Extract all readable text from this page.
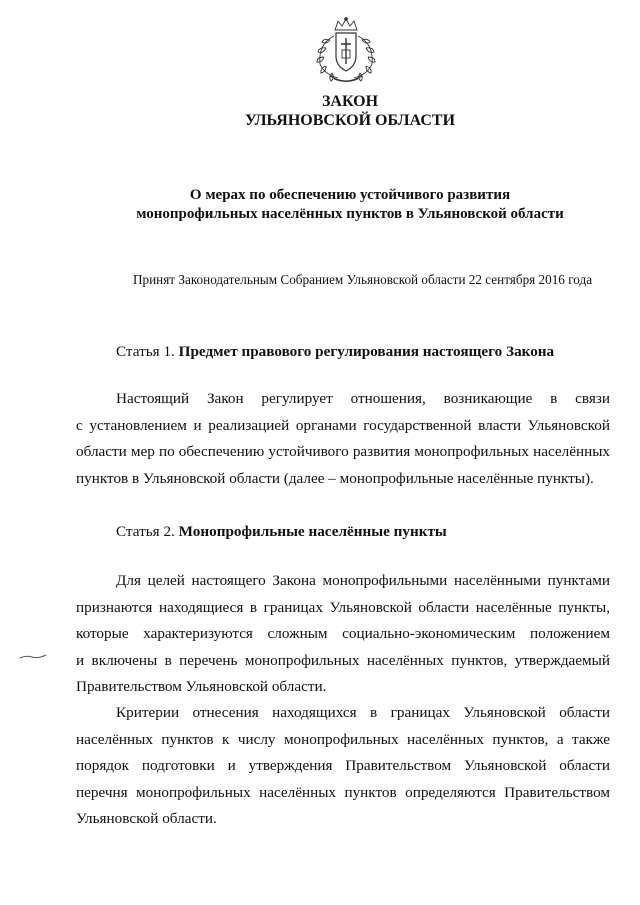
ЗАКОН
УЛЬЯНОВСКОЙ ОБЛАСТИ
О мерах по обеспечению устойчивого развития
монопрофильных населённых пунктов в Ульяновской области
Принят Законодательным Собранием Ульяновской области 22 сентября 2016 года
Статья 1. Предмет правового регулирования настоящего Закона
Настоящий Закон регулирует отношения, возникающие в связи
с установлением и реализацией органами государственной власти Ульяновской
области мер по обеспечению устойчивого развития монопрофильных населённых
пунктов в Ульяновской области (далее – монопрофильные населённые пункты).
Статья 2. Монопрофильные населённые пункты
Для целей настоящего Закона монопрофильными населёнными пунктами
признаются находящиеся в границах Ульяновской области населённые пункты,
которые характеризуются сложным социально-экономическим положением
и включены в перечень монопрофильных населённых пунктов, утверждаемый
Правительством Ульяновской области.
Критерии отнесения находящихся в границах Ульяновской области
населённых пунктов к числу монопрофильных населённых пунктов, а также
порядок подготовки и утверждения Правительством Ульяновской области
перечня монопрофильных населённых пунктов определяются Правительством
Ульяновской области.
